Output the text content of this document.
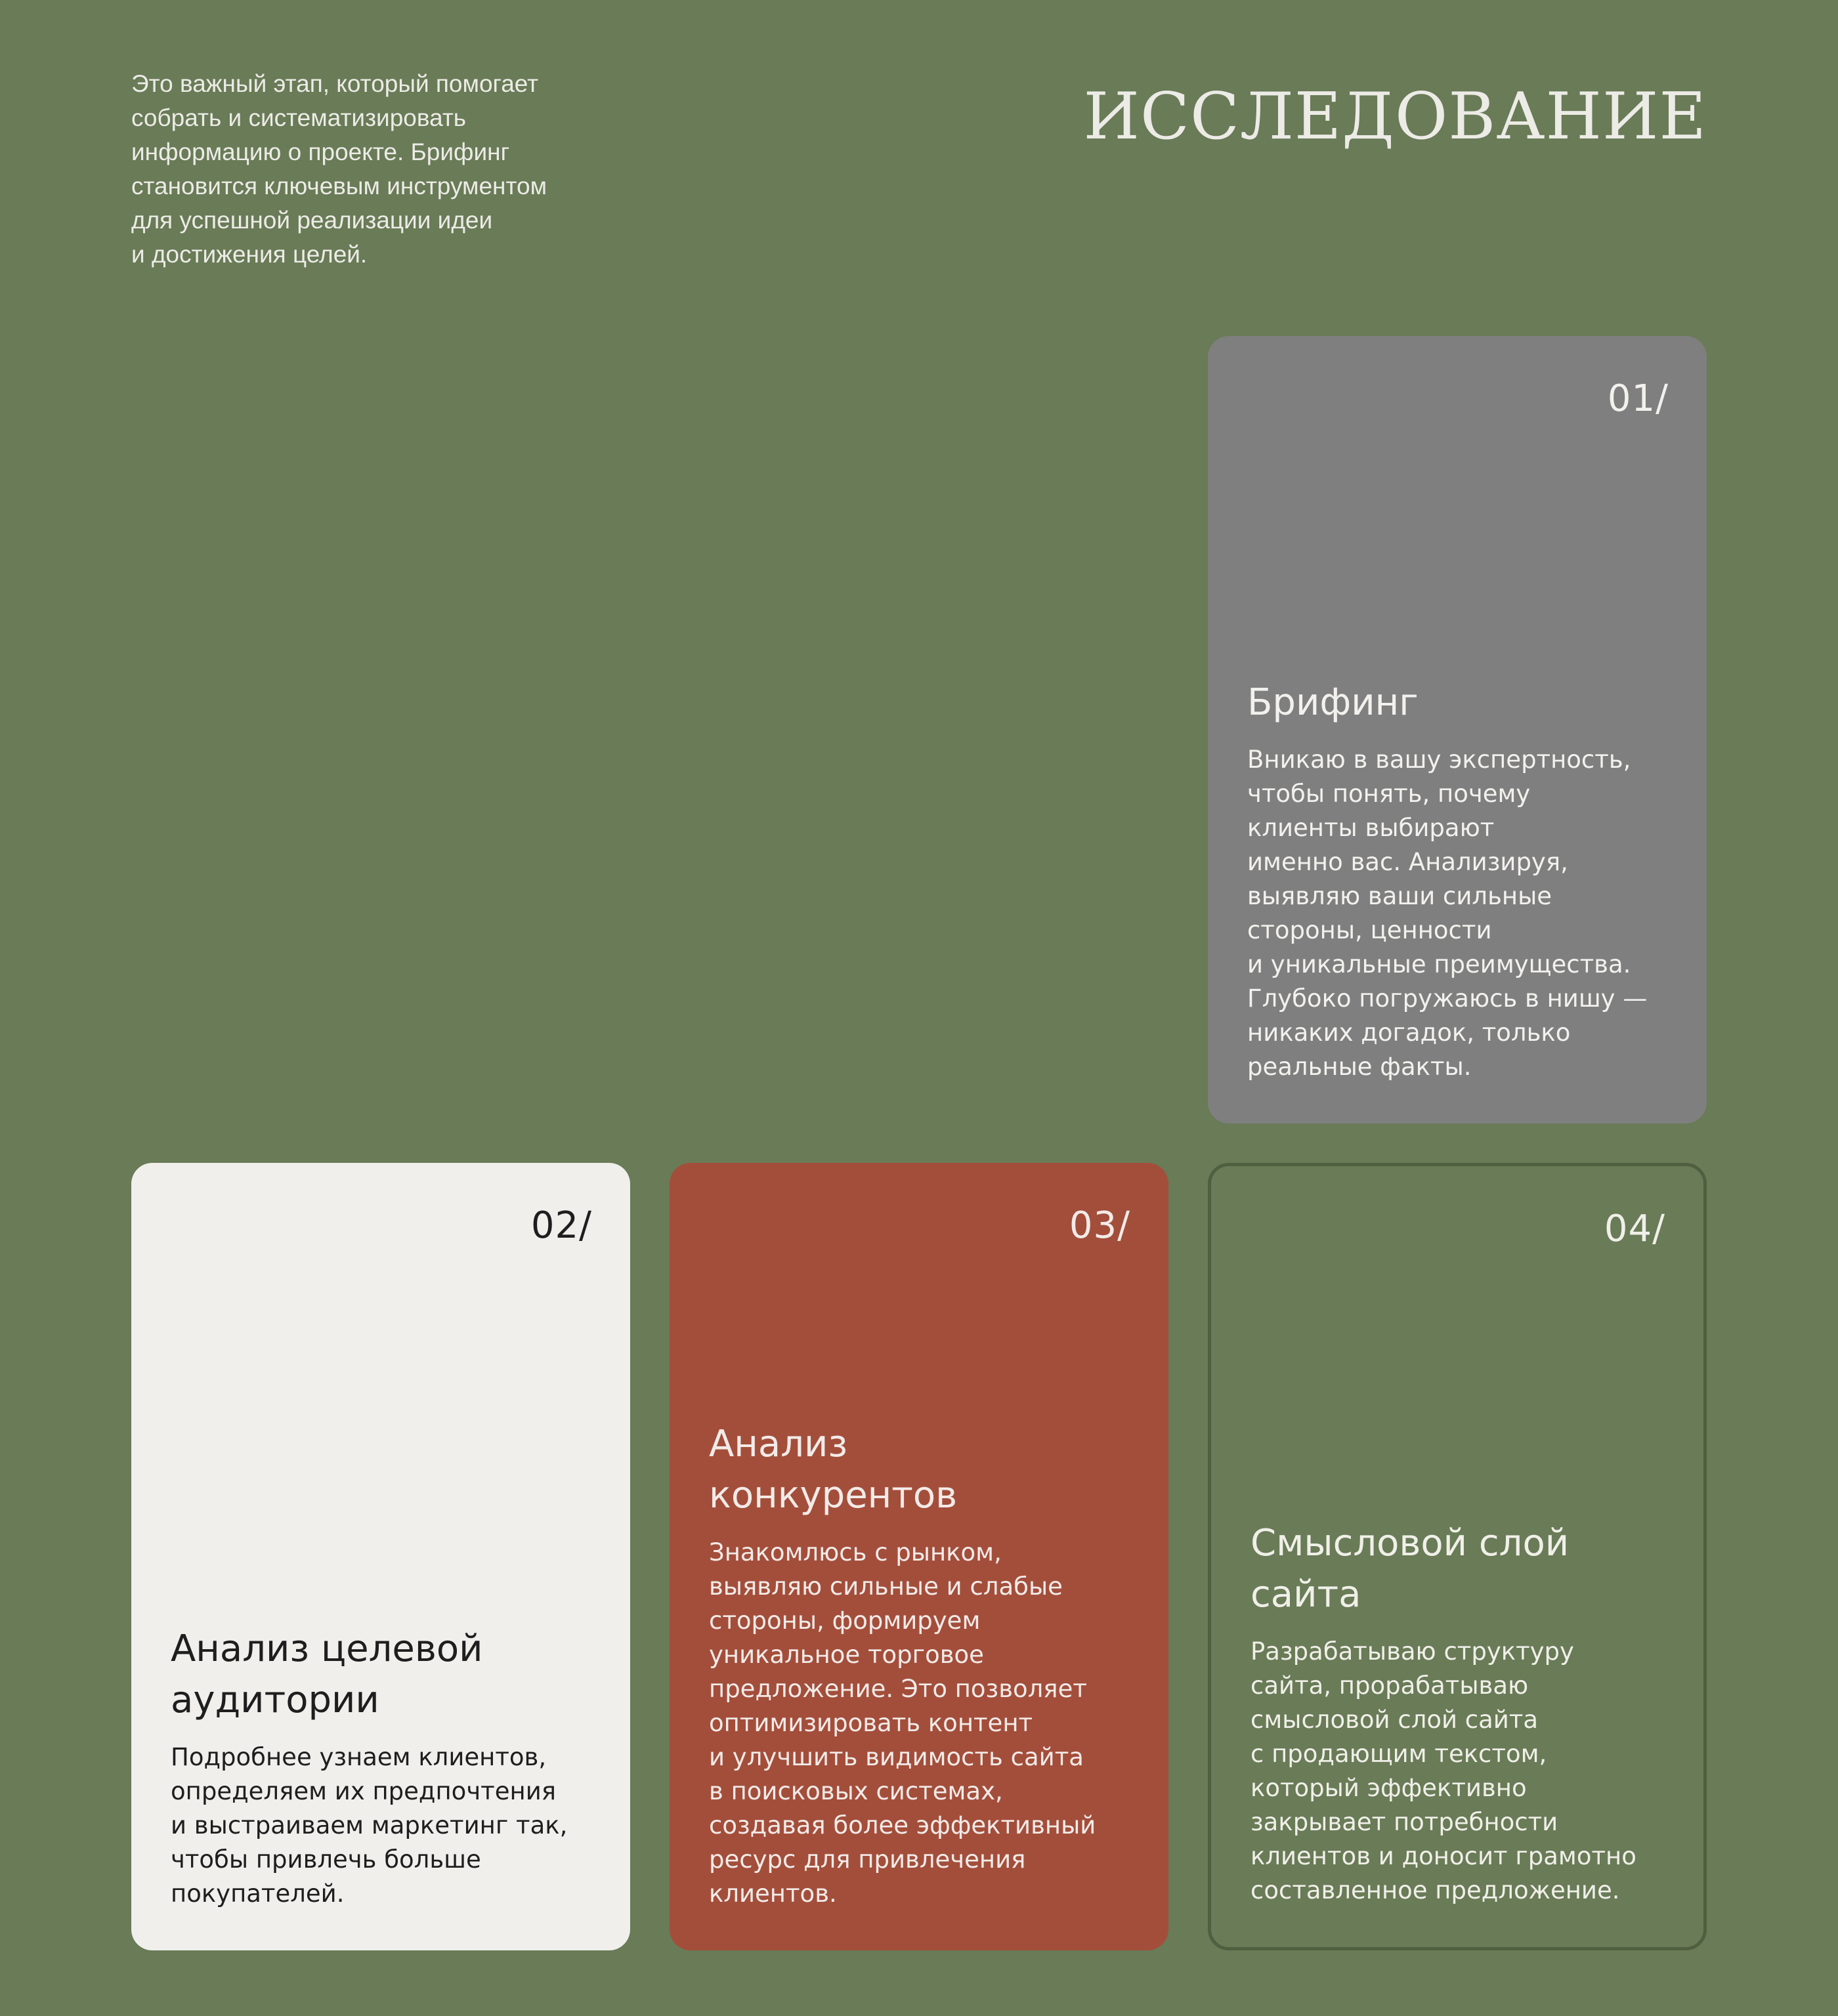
Это важный этап, который помогает
собрать и систематизировать
информацию о проекте. Брифинг
становится ключевым инструментом
для успешной реализации идеи
и достижения целей.

ИССЛЕДОВАНИЕ
01/
Брифинг

Вникаю в вашу экспертность,
чтобы понять, почему
клиенты выбирают
именно вас. Анализируя,
выявляю ваши сильные
стороны, ценности
и уникальные преимущества.
Глубоко погружаюсь в нишу —
никаких догадок, только
реальные факты.

02/
Анализ целевой
аудитории

Подробнее узнаем клиентов,
определяем их предпочтения
и выстраиваем маркетинг так,
чтобы привлечь больше
покупателей.

03/
Анализ
конкурентов

Знакомлюсь с рынком,
выявляю сильные и слабые
стороны, формируем
уникальное торговое
предложение. Это позволяет
оптимизировать контент
и улучшить видимость сайта
в поисковых системах,
создавая более эффективный
ресурс для привлечения
клиентов.

04/
Смысловой слой
сайта

Разрабатываю структуру
сайта, прорабатываю
смысловой слой сайта
с продающим текстом,
который эффективно
закрывает потребности
клиентов и доносит грамотно
составленное предложение.
